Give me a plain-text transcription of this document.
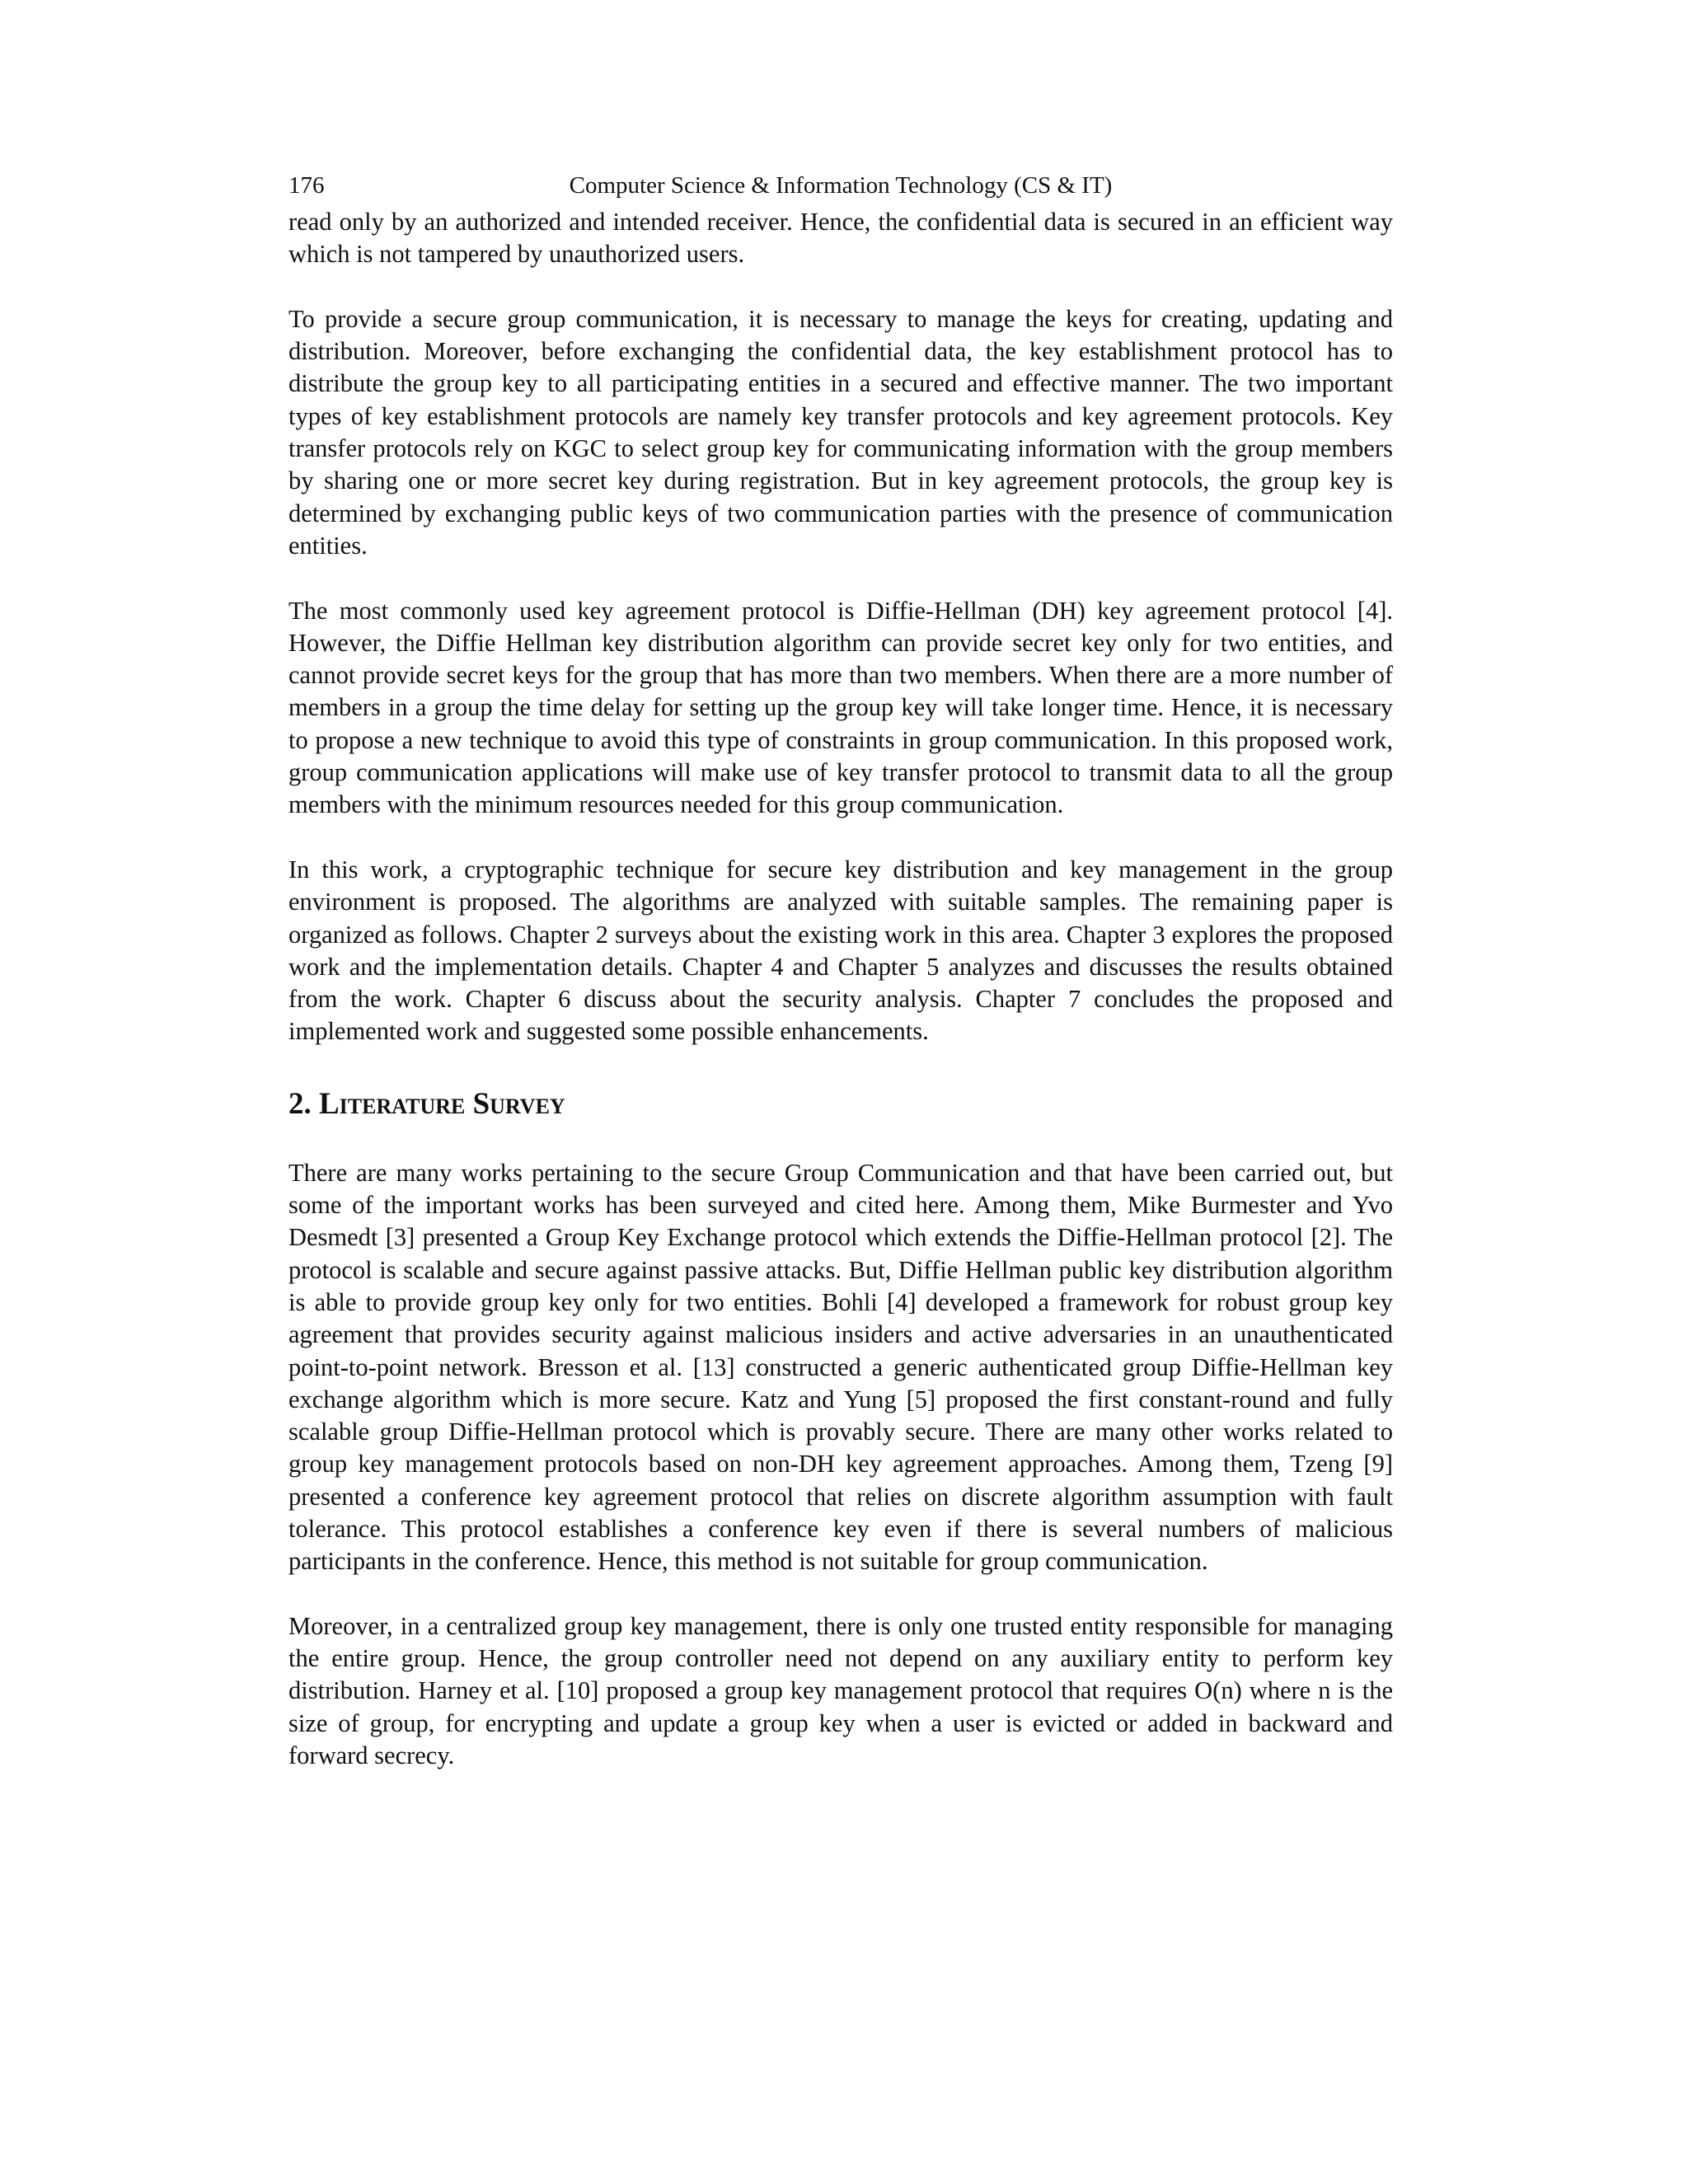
176	Computer Science & Information Technology (CS & IT)

read only by an authorized and intended receiver. Hence, the confidential data is secured in an efficient way which is not tampered by unauthorized users.

To provide a secure group communication, it is necessary to manage the keys for creating, updating and distribution. Moreover, before exchanging the confidential data, the key establishment protocol has to distribute the group key to all participating entities in a secured and effective manner. The two important types of key establishment protocols are namely key transfer protocols and key agreement protocols. Key transfer protocols rely on KGC to select group key for communicating information with the group members by sharing one or more secret key during registration. But in key agreement protocols, the group key is determined by exchanging public keys of two communication parties with the presence of communication entities.

The most commonly used key agreement protocol is Diffie-Hellman (DH) key agreement protocol [4]. However, the Diffie Hellman key distribution algorithm can provide secret key only for two entities, and cannot provide secret keys for the group that has more than two members. When there are a more number of members in a group the time delay for setting up the group key will take longer time. Hence, it is necessary to propose a new technique to avoid this type of constraints in group communication. In this proposed work, group communication applications will make use of key transfer protocol to transmit data to all the group members with the minimum resources needed for this group communication.

In this work, a cryptographic technique for secure key distribution and key management in the group environment is proposed. The algorithms are analyzed with suitable samples. The remaining paper is organized as follows. Chapter 2 surveys about the existing work in this area. Chapter 3 explores the proposed work and the implementation details. Chapter 4 and Chapter 5 analyzes and discusses the results obtained from the work. Chapter 6 discuss about the security analysis. Chapter 7 concludes the proposed and implemented work and suggested some possible enhancements.

2. Literature Survey

There are many works pertaining to the secure Group Communication and that have been carried out, but some of the important works has been surveyed and cited here. Among them, Mike Burmester and Yvo Desmedt [3] presented a Group Key Exchange protocol which extends the Diffie-Hellman protocol [2]. The protocol is scalable and secure against passive attacks. But, Diffie Hellman public key distribution algorithm is able to provide group key only for two entities. Bohli [4] developed a framework for robust group key agreement that provides security against malicious insiders and active adversaries in an unauthenticated point-to-point network. Bresson et al. [13] constructed a generic authenticated group Diffie-Hellman key exchange algorithm which is more secure. Katz and Yung [5] proposed the first constant-round and fully scalable group Diffie-Hellman protocol which is provably secure. There are many other works related to group key management protocols based on non-DH key agreement approaches. Among them, Tzeng [9] presented a conference key agreement protocol that relies on discrete algorithm assumption with fault tolerance. This protocol establishes a conference key even if there is several numbers of malicious participants in the conference. Hence, this method is not suitable for group communication.

Moreover, in a centralized group key management, there is only one trusted entity responsible for managing the entire group. Hence, the group controller need not depend on any auxiliary entity to perform key distribution. Harney et al. [10] proposed a group key management protocol that requires O(n) where n is the size of group, for encrypting and update a group key when a user is evicted or added in backward and forward secrecy.
